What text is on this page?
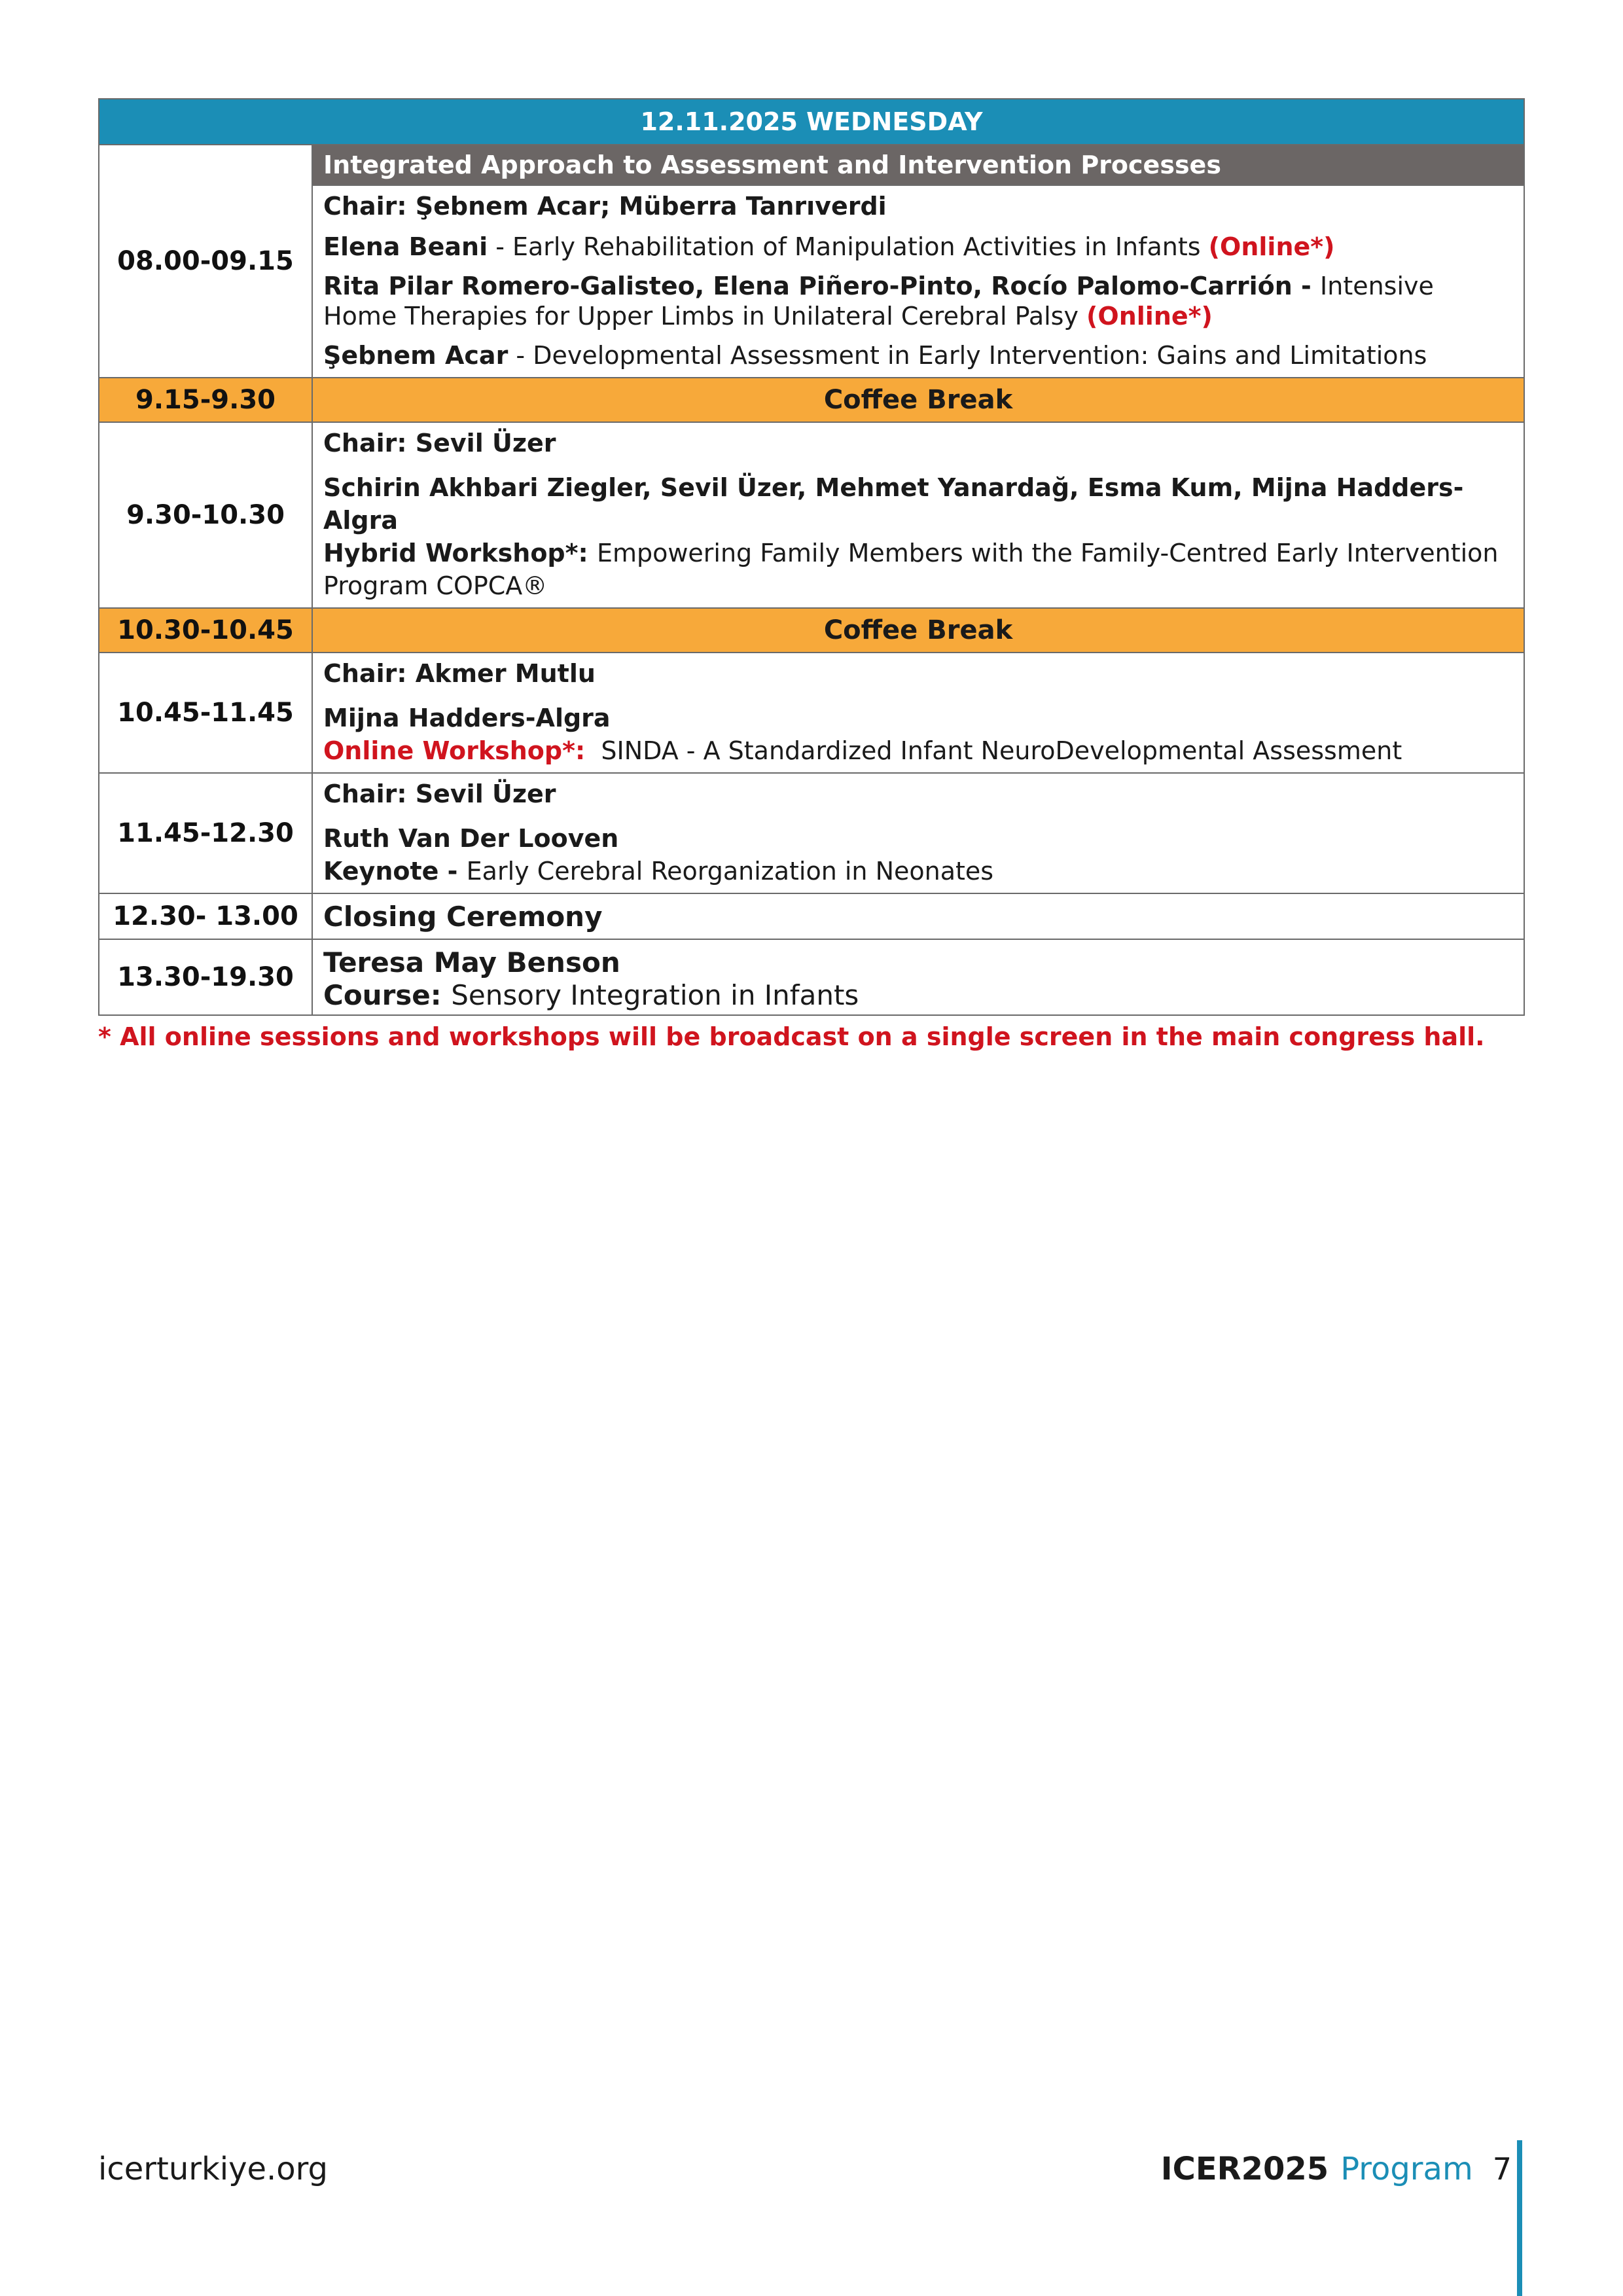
12.11.2025 WEDNESDAY	
08.00-09.15	Integrated Approach to Assessment and Intervention Processes

	Chair: Şebnem Acar; Müberra Tanrıverdi

Elena Beani - Early Rehabilitation of Manipulation Activities in Infants (Online*)

Rita Pilar Romero-Galisteo, Elena Piñero-Pinto, Rocío Palomo-Carrión - Intensive Home Therapies for Upper Limbs in Unilateral Cerebral Palsy (Online*)

Şebnem Acar - Developmental Assessment in Early Intervention: Gains and Limitations

9.15-9.30	Coffee Break
9.30-10.30	Chair: Sevil Üzer

Schirin Akhbari Ziegler, Sevil Üzer, Mehmet Yanardağ, Esma Kum, Mijna Hadders-Algra

Hybrid Workshop*: Empowering Family Members with the Family-Centred Early Intervention Program COPCA®

10.30-10.45	Coffee Break
10.45-11.45	Chair: Akmer Mutlu

Mijna Hadders-Algra

Online Workshop*: SINDA - A Standardized Infant NeuroDevelopmental Assessment

11.45-12.30	Chair: Sevil Üzer

Ruth Van Der Looven

Keynote - Early Cerebral Reorganization in Neonates

12.30- 13.00	Closing Ceremony
13.30-19.30	Teresa May Benson

Course: Sensory Integration in Infants

* All online sessions and workshops will be broadcast on a single screen in the main congress hall.
icerturkiye.org	ICER2025 Program 7
